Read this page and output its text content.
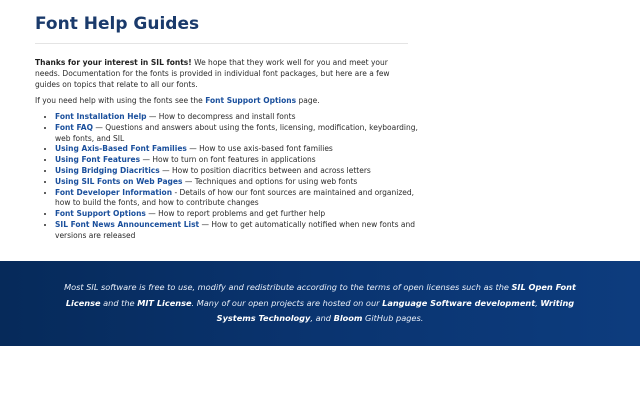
Font Help Guides

Thanks for your interest in SIL fonts! We hope that they work well for you and meet your needs. Documentation for the fonts is provided in individual font packages, but here are a few guides on topics that relate to all our fonts.

If you need help with using the fonts see the Font Support Options page.

• Font Installation Help — How to decompress and install fonts
• Font FAQ — Questions and answers about using the fonts, licensing, modification, keyboarding, web fonts, and SIL
• Using Axis-Based Font Families — How to use axis-based font families
• Using Font Features — How to turn on font features in applications
• Using Bridging Diacritics — How to position diacritics between and across letters
• Using SIL Fonts on Web Pages — Techniques and options for using web fonts
• Font Developer Information - Details of how our font sources are maintained and organized, how to build the fonts, and how to contribute changes
• Font Support Options — How to report problems and get further help
• SIL Font News Announcement List — How to get automatically notified when new fonts and versions are released

Most SIL software is free to use, modify and redistribute according to the terms of open licenses such as the SIL Open Font License and the MIT License. Many of our open projects are hosted on our Language Software development, Writing Systems Technology, and Bloom GitHub pages.
